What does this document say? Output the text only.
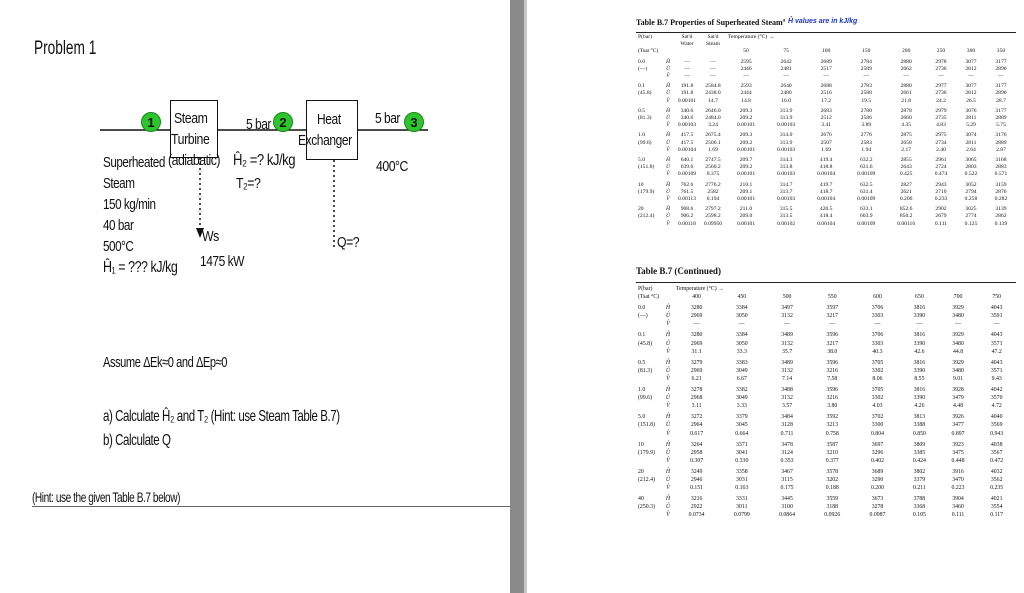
Problem 1
Steam
Turbine
(adiabatic)
Heat
Exchanger
1	2	3
5 bar	5 bar
Ĥ₂ =? kJ/kg
T₂=?
400°C
Superheated
Steam
150 kg/min
40 bar
500°C
Ĥ₁ = ??? kJ/kg
Ws
1475 kW
Q=?
Assume ΔEk≈0 and ΔEp≈0
a) Calculate Ĥ₂ and T₂ (Hint: use Steam Table B.7)
b) Calculate Q
(Hint: use the given Table B.7 below)
Table B.7 Properties of Superheated Steam$^a$ Ĥ values are in kJ/kg
P(bar)		Sat'd Water	Sat'd Steam	Temperature (°C) →							
(Tsat °C)				50	75	100	150	200	250	300	350
0.0	Ĥ	—	—	2595	2642	2689	2784	2880	2978	3077	3177
(—)	Û	—	—	2446	2481	2517	2589	2662	2736	2812	2890
	V̂	—	—	—	—	—	—	—	—	—	—
0.1	Ĥ	191.8	2584.8	2593	2640	2688	2783	2880	2977	3077	3177
(45.8)	Û	191.8	2438.0	2444	2480	2516	2588	2661	2736	2812	2890
	V̂	0.00101	14.7	14.8	16.0	17.2	19.5	21.8	24.2	26.5	28.7
0.5	Ĥ	340.6	2646.0	209.3	313.9	2683	2780	2878	2979	3076	3177
(81.3)	Û	340.6	2484.0	209.2	313.9	2512	2586	2660	2735	2811	2889
	V̂	0.00103	3.24	0.00101	0.00103	3.41	3.89	4.35	4.83	5.29	5.75
1.0	Ĥ	417.5	2675.4	209.3	314.0	2676	2776	2875	2975	3074	3176
(99.6)	Û	417.5	2506.1	209.2	313.9	2507	2583	2658	2734	2811	2889
	V̂	0.00104	1.69	0.00101	0.00103	1.69	1.94	2.17	2.40	2.64	2.87
5.0	Ĥ	640.1	2747.5	209.7	314.3	419.4	632.2	2855	2961	3065	3168
(151.8)	Û	639.6	2560.2	209.2	313.8	418.8	631.6	2643	2724	2803	2883
	V̂	0.00109	0.375	0.00101	0.00103	0.00104	0.00109	0.425	0.474	0.522	0.571
10	Ĥ	762.6	2776.2	210.1	314.7	419.7	632.5	2827	2943	3052	3159
(179.9)	Û	761.5	2582	209.1	313.7	418.7	631.4	2621	2710	2794	2876
	V̂	0.00113	0.194	0.00101	0.00103	0.00104	0.00109	0.206	0.233	0.258	0.282
20	Ĥ	908.6	2797.2	211.0	315.5	420.5	633.1	852.6	2902	3025	3139
(212.4)	Û	906.2	2598.2	209.0	313.5	418.4	603.9	850.2	2679	2774	2862
	V̂	0.00118	0.09950	0.00101	0.00102	0.00104	0.00109	0.00116	0.111	0.125	0.139
Table B.7 (Continued)
P(bar)		Temperature (°C) →							
(Tsat °C)		400	450	500	550	600	650	700	750
0.0	Ĥ	3280	3384	3497	3597	3706	3816	3929	4043
(—)	Û	2969	3050	3132	3217	3303	3390	3480	3591
	V̂	—	—	—	—	—	—	—	—
0.1	Ĥ	3280	3384	3489	3596	3706	3816	3929	4043
(45.8)	Û	2969	3050	3132	3217	3303	3390	3480	3571
	V̂	31.1	33.3	35.7	38.0	40.3	42.6	44.8	47.2
0.5	Ĥ	3279	3383	3489	3596	3705	3816	3929	4043
(81.3)	Û	2969	3049	3132	3216	3302	3390	3480	3571
	V̂	6.21	6.67	7.14	7.58	8.06	8.55	9.01	9.43
1.0	Ĥ	3278	3382	3488	3596	3705	3816	3928	4042
(99.6)	Û	2968	3049	3132	3216	3302	3390	3479	3570
	V̂	3.11	3.33	3.57	3.80	4.03	4.26	4.48	4.72
5.0	Ĥ	3272	3379	3484	3592	3702	3813	3926	4040
(151.8)	Û	2964	3045	3128	3213	3300	3388	3477	3569
	V̂	0.617	0.664	0.711	0.758	0.804	0.850	0.897	0.943
10	Ĥ	3264	3371	3478	3587	3697	3809	3923	4038
(179.9)	Û	2958	3041	3124	3210	3296	3385	3475	3567
	V̂	0.307	0.330	0.353	0.377	0.402	0.424	0.448	0.472
20	Ĥ	3249	3358	3467	3578	3689	3802	3916	4032
(212.4)	Û	2946	3031	3115	3202	3290	3379	3470	3562
	V̂	0.151	0.163	0.175	0.188	0.200	0.211	0.223	0.235
40	Ĥ	3216	3331	3445	3559	3673	3788	3904	4021
(250.3)	Û	2922	3011	3100	3188	3278	3368	3460	3554
	V̂	0.0734	0.0799	0.0864	0.0926	0.0987	0.105	0.111	0.117
